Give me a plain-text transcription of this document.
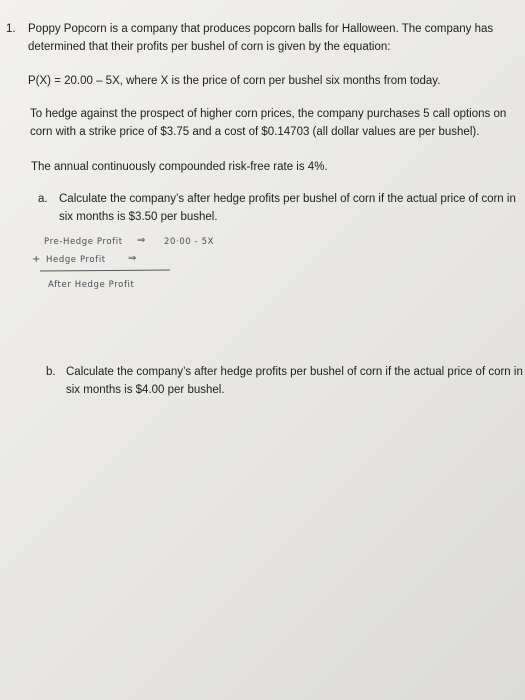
1. Poppy Popcorn is a company that produces popcorn balls for Halloween. The company has
determined that their profits per bushel of corn is given by the equation:
P(X) = 20.00 – 5X, where X is the price of corn per bushel six months from today.
To hedge against the prospect of higher corn prices, the company purchases 5 call options on
corn with a strike price of $3.75 and a cost of $0.14703 (all dollar values are per bushel).
The annual continuously compounded risk-free rate is 4%.
a. Calculate the company’s after hedge profits per bushel of corn if the actual price of corn in
six months is $3.50 per bushel.
Pre-Hedge Profit ⇒ 20·00 - 5X
+ Hedge Profit ⇒
After Hedge Profit
b. Calculate the company’s after hedge profits per bushel of corn if the actual price of corn in
six months is $4.00 per bushel.
